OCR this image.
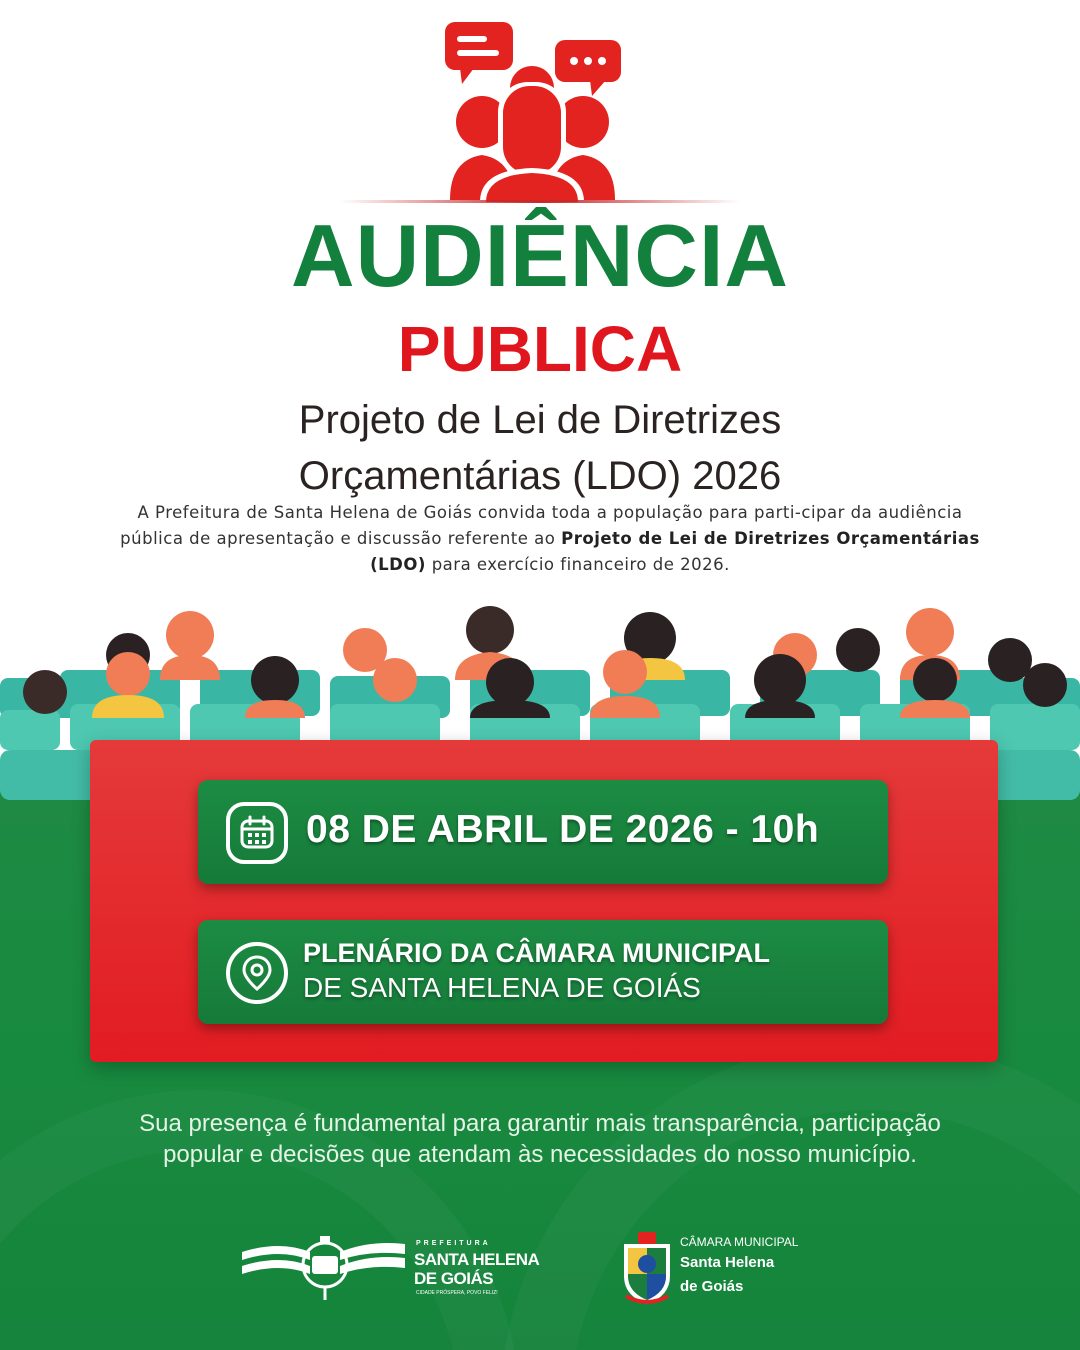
AUDIÊNCIA
PUBLICA
Projeto de Lei de Diretrizes
Orçamentárias (LDO) 2026
A Prefeitura de Santa Helena de Goiás convida toda a população para parti-cipar da audiência pública de apresentação e discussão referente ao Projeto de Lei de Diretrizes Orçamentárias (LDO) para exercício financeiro de 2026.
08 DE ABRIL DE 2026 - 10h
PLENÁRIO DA CÂMARA MUNICIPAL
DE SANTA HELENA DE GOIÁS
Sua presença é fundamental para garantir mais transparência, participação
popular e decisões que atendam às necessidades do nosso município.
PREFEITURA
SANTA HELENA
DE GOIÁS
CIDADE PRÓSPERA, POVO FELIZ!
CÂMARA MUNICIPAL
Santa Helena
de Goiás
